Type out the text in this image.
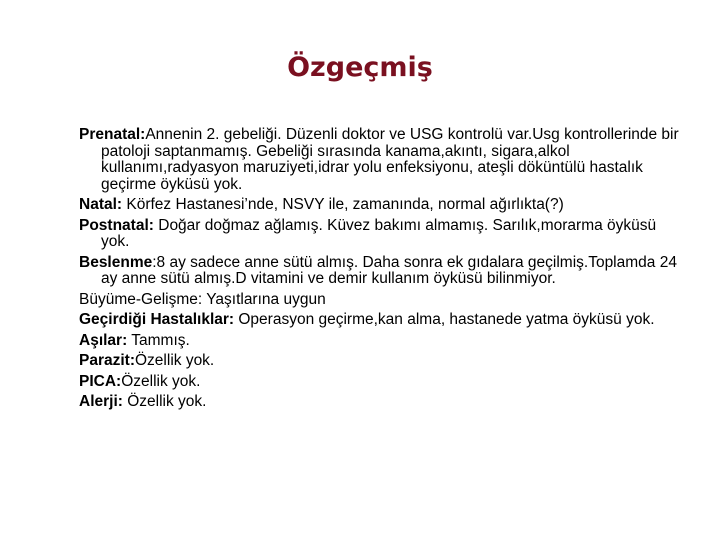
Özgeçmiş
Prenatal:Annenin 2. gebeliği. Düzenli doktor ve USG kontrolü var.Usg kontrollerinde bir patoloji saptanmamış. Gebeliği sırasında kanama,akıntı, sigara,alkol kullanımı,radyasyon maruziyeti,idrar yolu enfeksiyonu, ateşli döküntülü hastalık geçirme öyküsü yok.
Natal: Körfez Hastanesi’nde, NSVY ile, zamanında, normal ağırlıkta(?)
Postnatal: Doğar doğmaz ağlamış. Küvez bakımı almamış. Sarılık,morarma öyküsü yok.
Beslenme:8 ay sadece anne sütü almış. Daha sonra ek gıdalara geçilmiş.Toplamda 24 ay anne sütü almış.D vitamini ve demir kullanım öyküsü bilinmiyor.
Büyüme-Gelişme: Yaşıtlarına uygun
Geçirdiği Hastalıklar: Operasyon geçirme,kan alma, hastanede yatma öyküsü yok.
Aşılar: Tammış.
Parazit:Özellik yok.
PICA:Özellik yok.
Alerji: Özellik yok.
